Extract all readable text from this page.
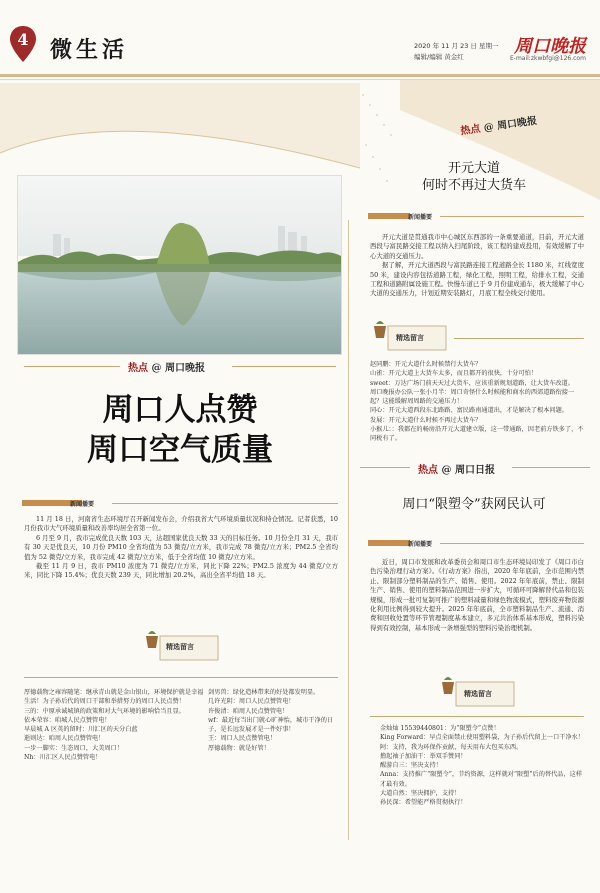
4 微生活	2020 年 11 月 23 日 星期一
编辑/编辑 黄金红	周口晚报
E-mail:zkwbfgi@126.com
热点 @ 周口晚报
周口人点赞
周口空气质量
新闻播要

11 月 18 日，河南省生态环境厅召开新闻发布会，介绍我省大气环境质量状况和持仓情况。记者获悉，10 月份我市大气环境质量和改善率均居全省第一位。

6 月至 9 月，我市完成优良天数 103 天，达超国家优良天数 33 天的目标任务。10 月份全月 31 天，我市有 30 天是优良天，10 月份 PM10 全省均值为 53 微克/立方米，我市完成 78 微克/立方米；PM2.5 全省均值为 52 微克/立方米，我市完成 42 微克/立方米，低于全省均值 10 微克/立方米。

截至 11 月 9 日，我市 PM10 浓度为 71 微克/立方米，同比下降 22%；PM2.5 浓度为 44 微克/立方米，同比下降 15.4%；优良天数 239 天，同比增加 20.2%，高出全省平均值 18 天。

精选留言
厚德载物之雍容随笔：继承青山就是金山银山，环境保护就是幸福生活！为子孙后代的周口干部和举措努力的周口人民点赞！
三的：中原承诚城镇的政策和对大气环境的影响恰当且显。
依本荣容：咱城人民点赞管电！
早晨城 A 区英的留时：川汇区的天分白蓝
逝则达：咱周人民点赞管电！
一步一脚实：生态周口，大美周口！
Nh：川汇区人民点赞管电！
剑男兽：绿化造林带来的好处都发明显。
几许光阴：周口人民点赞管电！
许俊清：咱周人民点赞管电！
wf：最近每当出门就心旷神怡，城市干净的日子，是长远发展才是一件好事！
王：周口人民点赞管电！
厚德载物：就是好管！
热点 @ 周口晚报
开元大道
何时不再过大货车
新闻播要

开元大道是贯通我市中心城区东西部的一条重要通道，目前，开元大道西段与富民路交接工程以纳入扫尾阶段，该工程的建成投用，有效缓解了中心大道的交通压力。

据了解，开元大道西段与富民路连接工程道路全长 1180 米，红线宽度 50 米，建设内容包括道路工程，绿化工程，照明工程，给排水工程，交通工程和道路附属设施工程。快慢车道已于 9 月份建成通车，极大缓解了中心大道的交通压力，计划近期安装路灯，月底工程全线交付使用。

精选留言
赵同鹏：开元大道什么时候禁行大货车？
山雀：开元大道上大货车太多，而且都开的很快，十分可怕！
sweet：万达广场门前天天过大货车，应该重新规划道路，让大货车改道。
周口晚报办公队一张小月半：周口奇怪什么时候能和商水的西郊道路衔接一起？这能缓解周周路的交通压力！
同心：开元大道西段东北路路、富民路南通道出，才是解决了根本问题。
发展：开元大道什么时候不再过大货车？
小猴儿：：我都在的畅房沿开元大道建立版，这一带通路，因老前方铁多了，不同税有了。
热点 @ 周口日报
周口“限塑令”获网民认可
新闻播要

近日，周口市发展和改革委员会和周口市生态环境局印发了《周口市白色污染治理行动方案》。《行动方案》指出，2020 年年底前，全市范围内禁止、限制部分塑料制品的生产、销售、使用。2022 年年底前，禁止、限制生产、销售、使用的塑料制品范围进一步扩大，可循环可降解替代品和包装规模，形成一批可复制可推广的塑料减量和绿色物流模式，塑料废弃物资源化利用比例得到较大提升。2025 年年底前，全市塑料制品生产、流通、消费和回收处置等环节管理制度基本建立，多元共治体系基本形成，塑料污染得到有效控制，基本形成一条增强型的塑料污染治理机制。

精选留言
金灿灿 15539440801：为“限塑令”点赞！
King Forward：早点全面禁止使用塑料袋，为子孙后代留上一口干净水！
阿：支持，我为环保作贡献，每天用布大包买东西。
撸起袖子加油干：举双手赞同！
醒游自三：坚决支持！
Anna：支持推广“限塑令”，节约资源，这样就对“限塑”后的替代品，这样才最有效。
大道自然：坚决拥护，支持！
孙民深：希望能严格贯彻执行！
